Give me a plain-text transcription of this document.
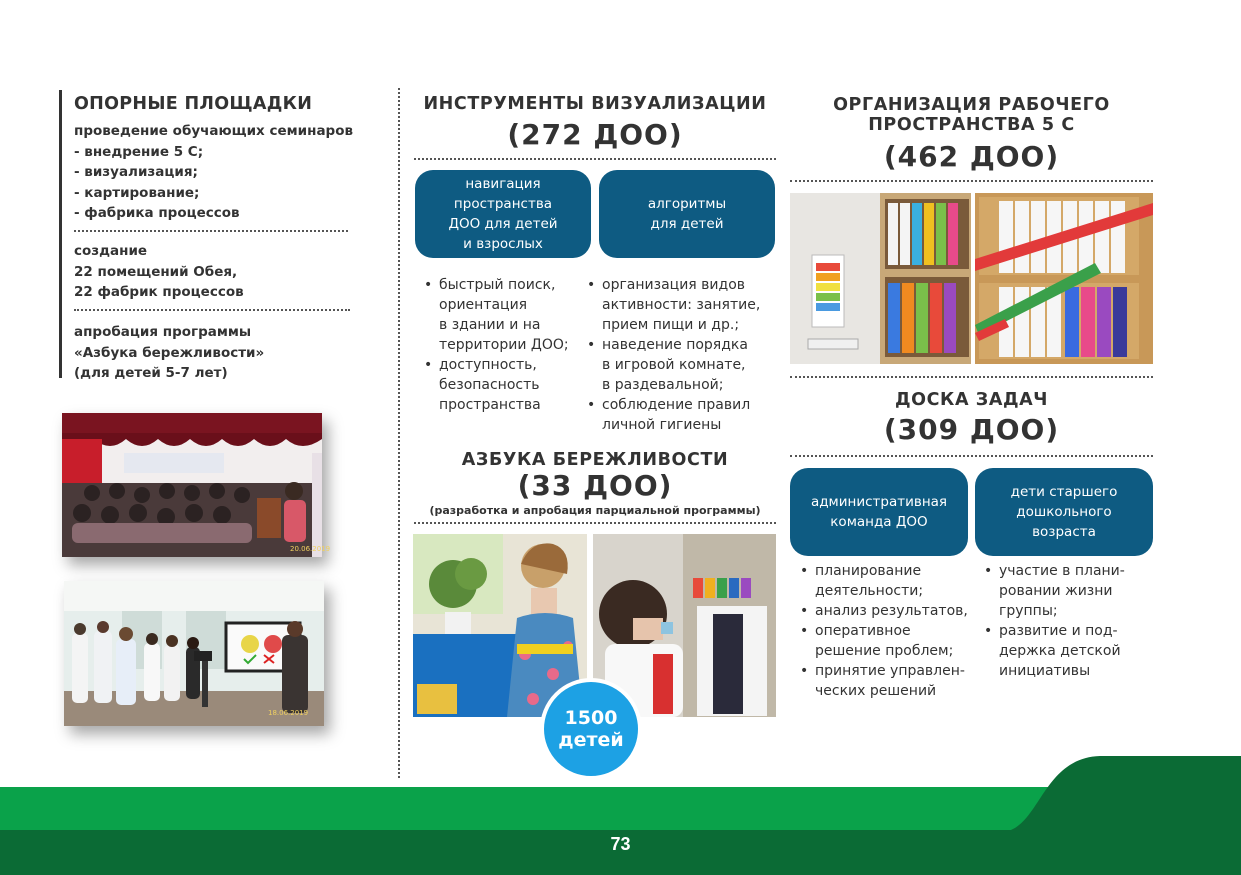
ОПОРНЫЕ ПЛОЩАДКИ
проведение обучающих семинаров
- внедрение 5 С;
- визуализация;
- картирование;
- фабрика процессов
создание
22 помещений Обея,
22 фабрик процессов
апробация программы
«Азбука бережливости»
(для детей 5-7 лет)
20.06.2019
18.06.2019
ИНСТРУМЕНТЫ ВИЗУАЛИЗАЦИИ
(272 ДОО)
навигация
пространства
ДОО для детей
и взрослых
алгоритмы
для детей
• быстрый поиск,
ориентация
в здании и на
территории ДОО;
• доступность,
безопасность
пространства
• организация видов
активности: занятие,
прием пищи и др.;
• наведение порядка
в игровой комнате,
в раздевальной;
• соблюдение правил
личной гигиены
АЗБУКА БЕРЕЖЛИВОСТИ
(33 ДОО)
(разработка и апробация парциальной программы)
1500
детей
ОРГАНИЗАЦИЯ РАБОЧЕГО
ПРОСТРАНСТВА 5 С
(462 ДОО)
ДОСКА ЗАДАЧ
(309 ДОО)
административная
команда ДОО
дети старшего
дошкольного
возраста
• планирование
деятельности;
• анализ результатов,
• оперативное
решение проблем;
• принятие управлен-
ческих решений
• участие в плани-
ровании жизни
группы;
• развитие и под-
держка детской
инициативы
73
